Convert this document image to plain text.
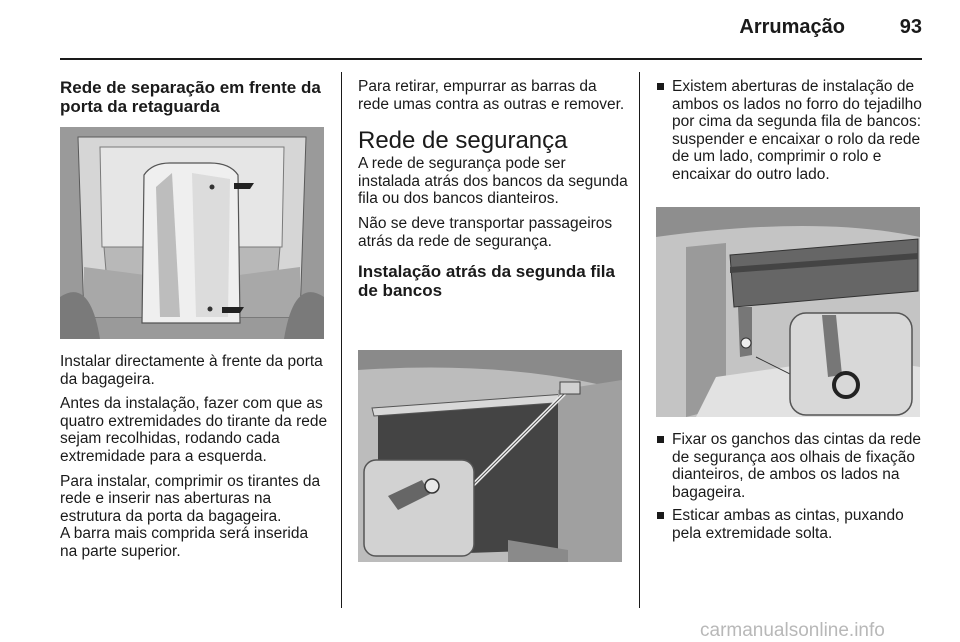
Arrumação	93
Rede de separação em frente da porta da retaguarda

Instalar directamente à frente da porta da bagageira.

Antes da instalação, fazer com que as quatro extremidades do tirante da rede sejam recolhidas, rodando cada extremidade para a esquerda.

Para instalar, comprimir os tirantes da rede e inserir nas aberturas na estrutura da porta da bagageira.

A barra mais comprida será inserida na parte superior.

Para retirar, empurrar as barras da rede umas contra as outras e remover.

Rede de segurança

A rede de segurança pode ser instalada atrás dos bancos da segunda fila ou dos bancos dianteiros.

Não se deve transportar passageiros atrás da rede de segurança.

Instalação atrás da segunda fila de bancos
Existem aberturas de instalação de ambos os lados no forro do tejadilho por cima da segunda fila de bancos: suspender e encaixar o rolo da rede de um lado, comprimir o rolo e encaixar do outro lado.
Fixar os ganchos das cintas da rede de segurança aos olhais de fixação dianteiros, de ambos os lados na bagageira.
Esticar ambas as cintas, puxando pela extremidade solta.
carmanualsonline.info
